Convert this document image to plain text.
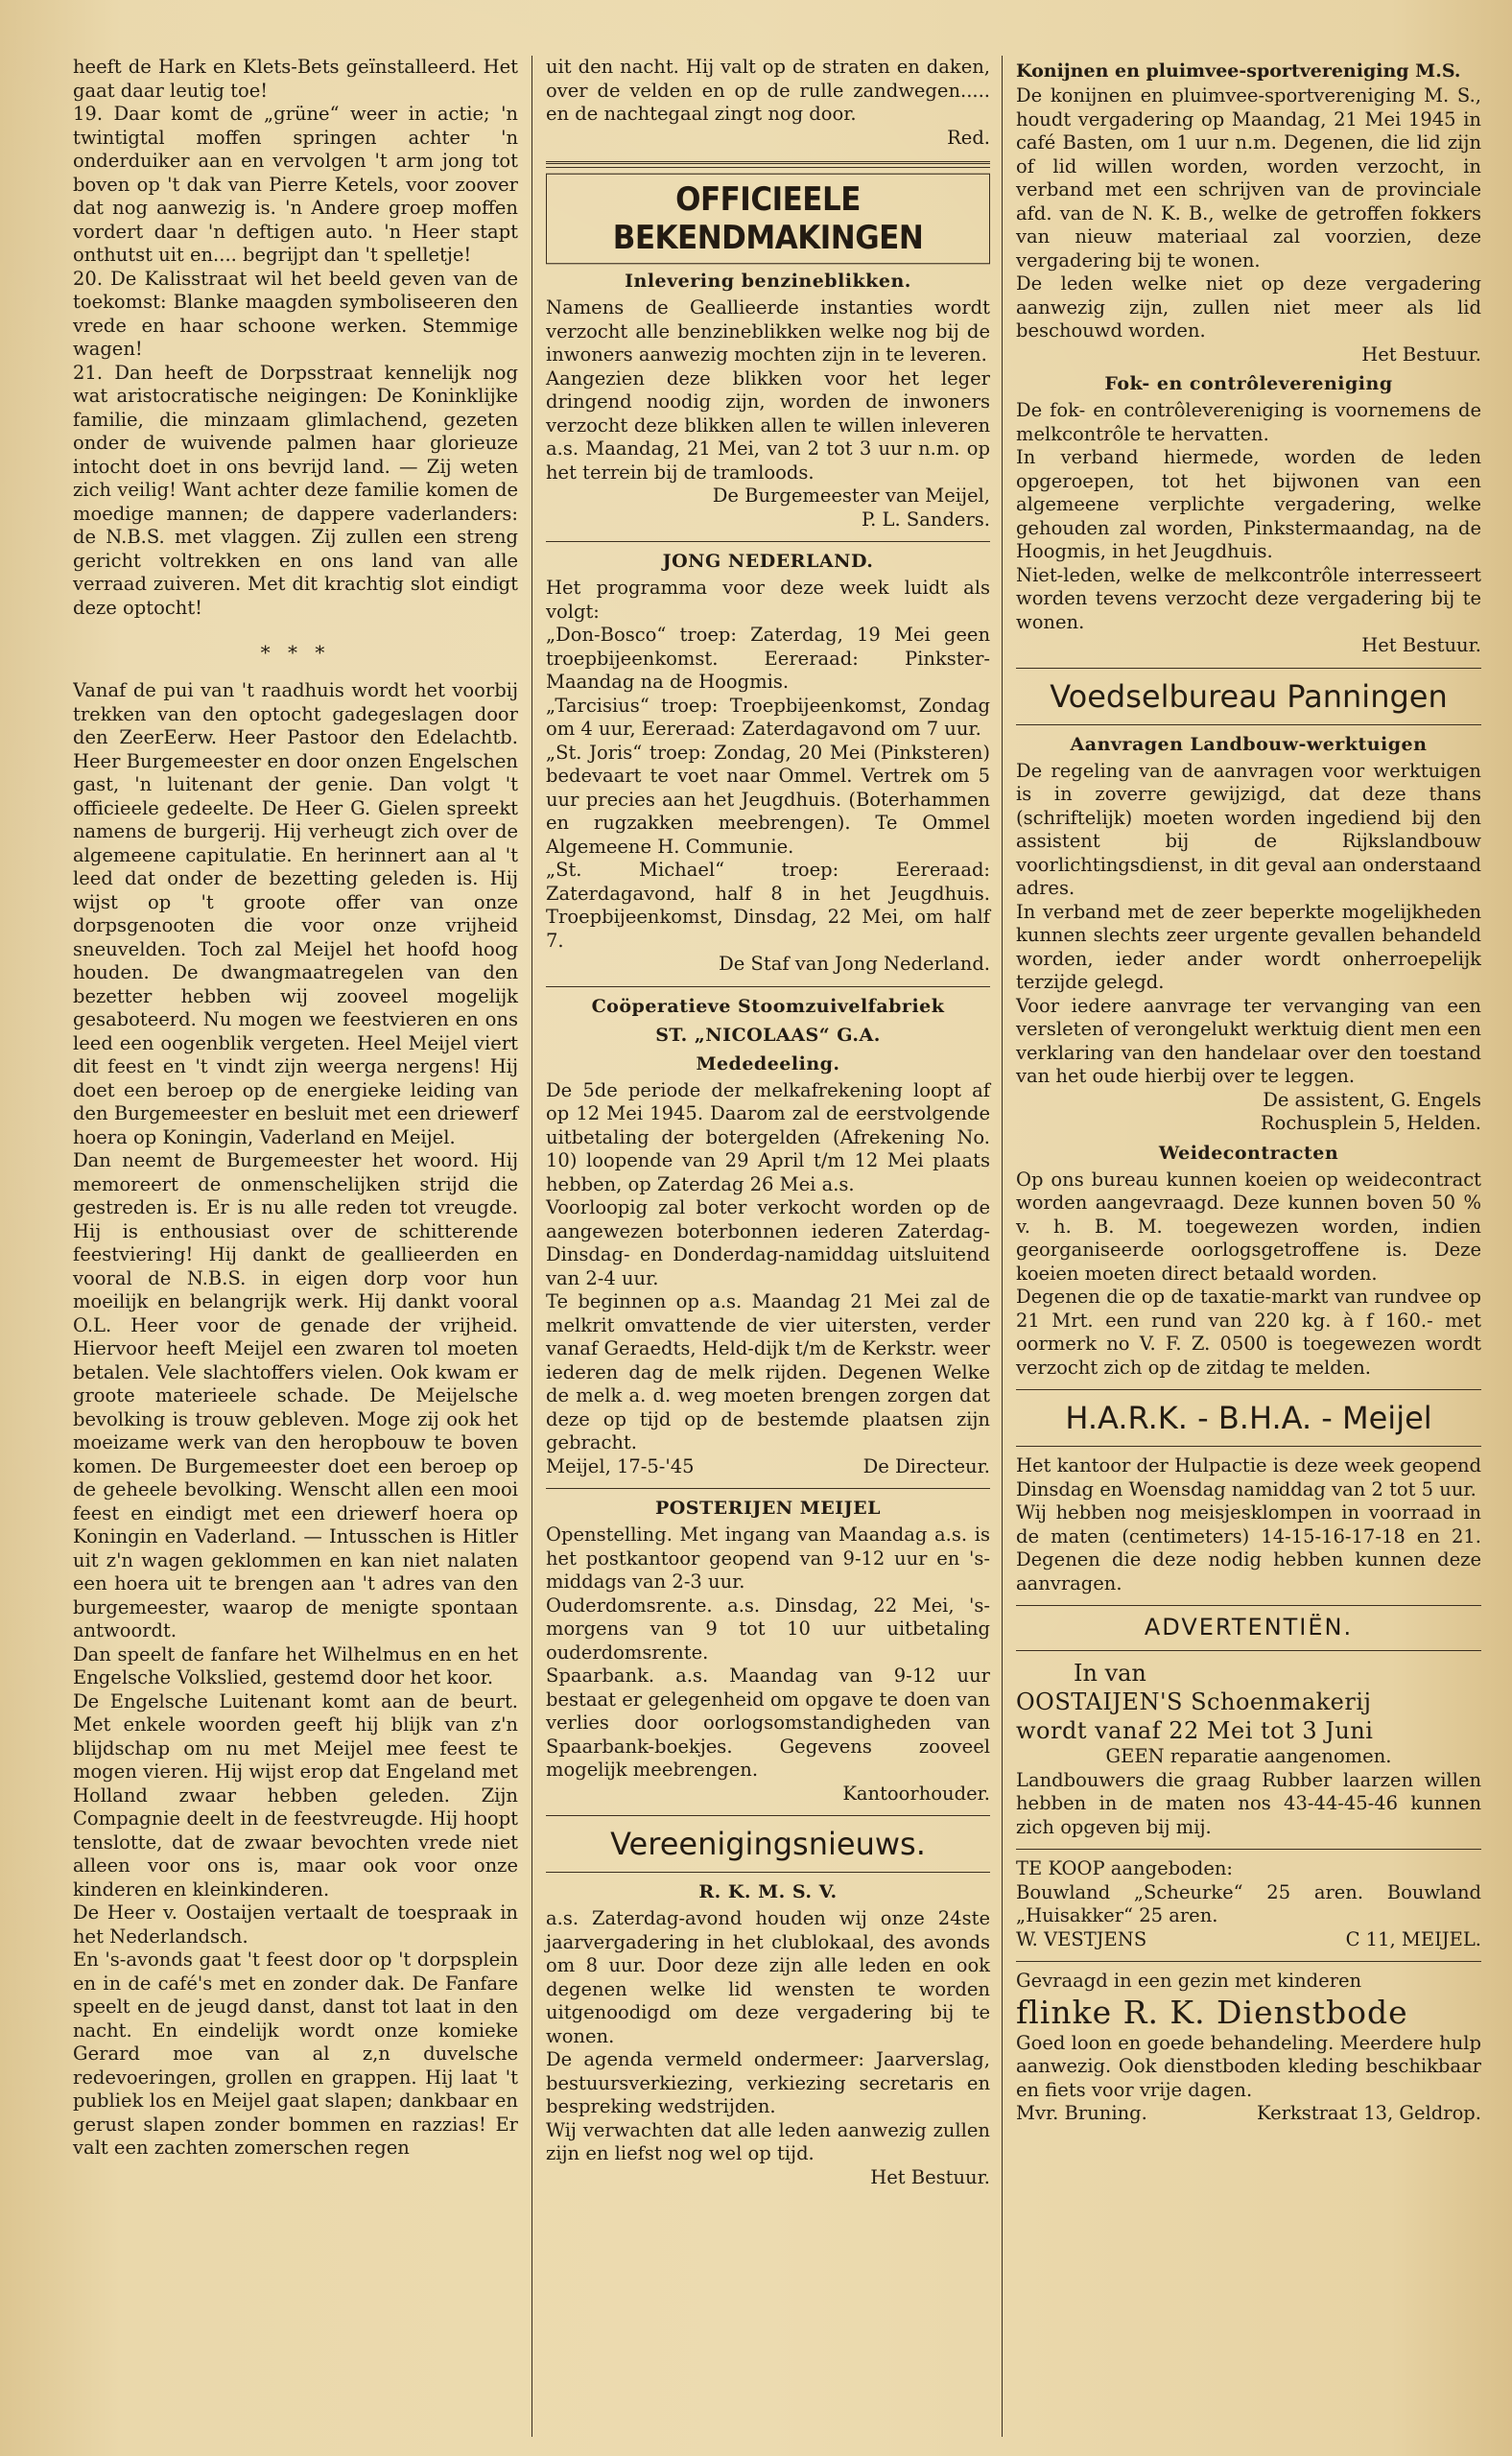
heeft de Hark en Klets-Bets geïnstalleerd. Het gaat daar leutig toe!

19. Daar komt de „grüne“ weer in actie; 'n twintigtal moffen springen achter 'n onderduiker aan en vervolgen 't arm jong tot boven op 't dak van Pierre Ketels, voor zoover dat nog aanwezig is. 'n Andere groep moffen vordert daar 'n deftigen auto. 'n Heer stapt onthutst uit en.... begrijpt dan 't spelletje!

20. De Kalisstraat wil het beeld geven van de toekomst: Blanke maagden symboliseeren den vrede en haar schoone werken. Stemmige wagen!

21. Dan heeft de Dorpsstraat kennelijk nog wat aristocratische neigingen: De Koninklijke familie, die minzaam glimlachend, gezeten onder de wuivende palmen haar glorieuze intocht doet in ons bevrijd land. — Zij weten zich veilig! Want achter deze familie komen de moedige mannen; de dappere vaderlanders: de N.B.S. met vlaggen. Zij zullen een streng gericht voltrekken en ons land van alle verraad zuiveren. Met dit krachtig slot eindigt deze optocht!

* * *

Vanaf de pui van 't raadhuis wordt het voorbij trekken van den optocht gadegeslagen door den ZeerEerw. Heer Pastoor den Edelachtb. Heer Burgemeester en door onzen Engelschen gast, 'n luitenant der genie. Dan volgt 't officieele gedeelte. De Heer G. Gielen spreekt namens de burgerij. Hij verheugt zich over de algemeene capitulatie. En herinnert aan al 't leed dat onder de bezetting geleden is. Hij wijst op 't groote offer van onze dorpsgenooten die voor onze vrijheid sneuvelden. Toch zal Meijel het hoofd hoog houden. De dwangmaatregelen van den bezetter hebben wij zooveel mogelijk gesaboteerd. Nu mogen we feestvieren en ons leed een oogenblik vergeten. Heel Meijel viert dit feest en 't vindt zijn weerga nergens! Hij doet een beroep op de energieke leiding van den Burgemeester en besluit met een driewerf hoera op Koningin, Vaderland en Meijel.

Dan neemt de Burgemeester het woord. Hij memoreert de onmenschelijken strijd die gestreden is. Er is nu alle reden tot vreugde. Hij is enthousiast over de schitterende feestviering! Hij dankt de geallieerden en vooral de N.B.S. in eigen dorp voor hun moeilijk en belangrijk werk. Hij dankt vooral O.L. Heer voor de genade der vrijheid. Hiervoor heeft Meijel een zwaren tol moeten betalen. Vele slachtoffers vielen. Ook kwam er groote materieele schade. De Meijelsche bevolking is trouw gebleven. Moge zij ook het moeizame werk van den heropbouw te boven komen. De Burgemeester doet een beroep op de geheele bevolking. Wenscht allen een mooi feest en eindigt met een driewerf hoera op Koningin en Vaderland. — Intusschen is Hitler uit z'n wagen geklommen en kan niet nalaten een hoera uit te brengen aan 't adres van den burgemeester, waarop de menigte spontaan antwoordt.

Dan speelt de fanfare het Wilhelmus en en het Engelsche Volkslied, gestemd door het koor.

De Engelsche Luitenant komt aan de beurt. Met enkele woorden geeft hij blijk van z'n blijdschap om nu met Meijel mee feest te mogen vieren. Hij wijst erop dat Engeland met Holland zwaar hebben geleden. Zijn Compagnie deelt in de feestvreugde. Hij hoopt tenslotte, dat de zwaar bevochten vrede niet alleen voor ons is, maar ook voor onze kinderen en kleinkinderen.

De Heer v. Oostaijen vertaalt de toespraak in het Nederlandsch.

En 's-avonds gaat 't feest door op 't dorpsplein en in de café's met en zonder dak. De Fanfare speelt en de jeugd danst, danst tot laat in den nacht. En eindelijk wordt onze komieke Gerard moe van al z,n duvelsche redevoeringen, grollen en grappen. Hij laat 't publiek los en Meijel gaat slapen; dankbaar en gerust slapen zonder bommen en razzias! Er valt een zachten zomerschen regen

uit den nacht. Hij valt op de straten en daken, over de velden en op de rulle zandwegen..... en de nachtegaal zingt nog door.

Red.

OFFICIEELE BEKENDMAKINGEN
Inlevering benzineblikken.

Namens de Geallieerde instanties wordt verzocht alle benzineblikken welke nog bij de inwoners aanwezig mochten zijn in te leveren.

Aangezien deze blikken voor het leger dringend noodig zijn, worden de inwoners verzocht deze blikken allen te willen inleveren a.s. Maandag, 21 Mei, van 2 tot 3 uur n.m. op het terrein bij de tramloods.

De Burgemeester van Meijel,

P. L. Sanders.

JONG NEDERLAND.

Het programma voor deze week luidt als volgt:

„Don-Bosco“ troep: Zaterdag, 19 Mei geen troepbijeenkomst. Eereraad: Pinkster-Maandag na de Hoogmis.

„Tarcisius“ troep: Troepbijeenkomst, Zondag om 4 uur, Eereraad: Zaterdagavond om 7 uur.

„St. Joris“ troep: Zondag, 20 Mei (Pinksteren) bedevaart te voet naar Ommel. Vertrek om 5 uur precies aan het Jeugdhuis. (Boterhammen en rugzakken meebrengen). Te Ommel Algemeene H. Communie.

„St. Michael“ troep: Eereraad: Zaterdagavond, half 8 in het Jeugdhuis. Troepbijeenkomst, Dinsdag, 22 Mei, om half 7.

De Staf van Jong Nederland.

Coöperatieve Stoomzuivelfabriek
ST. „NICOLAAS“ G.A.
Mededeeling.

De 5de periode der melkafrekening loopt af op 12 Mei 1945. Daarom zal de eerstvolgende uitbetaling der botergelden (Afrekening No. 10) loopende van 29 April t/m 12 Mei plaats hebben, op Zaterdag 26 Mei a.s.

Voorloopig zal boter verkocht worden op de aangewezen boterbonnen iederen Zaterdag- Dinsdag- en Donderdag-namiddag uitsluitend van 2-4 uur.

Te beginnen op a.s. Maandag 21 Mei zal de melkrit omvattende de vier uitersten, verder vanaf Geraedts, Held-dijk t/m de Kerkstr. weer iederen dag de melk rijden. Degenen Welke de melk a. d. weg moeten brengen zorgen dat deze op tijd op de bestemde plaatsen zijn gebracht.

Meijel, 17-5-'45	De Directeur.
POSTERIJEN MEIJEL

Openstelling. Met ingang van Maandag a.s. is het postkantoor geopend van 9-12 uur en 's-middags van 2-3 uur.

Ouderdomsrente. a.s. Dinsdag, 22 Mei, 's-morgens van 9 tot 10 uur uitbetaling ouderdomsrente.

Spaarbank. a.s. Maandag van 9-12 uur bestaat er gelegenheid om opgave te doen van verlies door oorlogsomstandigheden van Spaarbank-boekjes. Gegevens zooveel mogelijk meebrengen.

Kantoorhouder.

Vereenigingsnieuws.
R. K. M. S. V.

a.s. Zaterdag-avond houden wij onze 24ste jaarvergadering in het clublokaal, des avonds om 8 uur. Door deze zijn alle leden en ook degenen welke lid wensten te worden uitgenoodigd om deze vergadering bij te wonen.

De agenda vermeld ondermeer: Jaarverslag, bestuursverkiezing, verkiezing secretaris en bespreking wedstrijden.

Wij verwachten dat alle leden aanwezig zullen zijn en liefst nog wel op tijd.

Het Bestuur.

Konijnen en pluimvee-sportvereniging M.S.

De konijnen en pluimvee-sportvereniging M. S., houdt vergadering op Maandag, 21 Mei 1945 in café Basten, om 1 uur n.m. Degenen, die lid zijn of lid willen worden, worden verzocht, in verband met een schrijven van de provinciale afd. van de N. K. B., welke de getroffen fokkers van nieuw materiaal zal voorzien, deze vergadering bij te wonen.

De leden welke niet op deze vergadering aanwezig zijn, zullen niet meer als lid beschouwd worden.

Het Bestuur.

Fok- en contrôlevereniging

De fok- en contrôlevereniging is voornemens de melkcontrôle te hervatten.

In verband hiermede, worden de leden opgeroepen, tot het bijwonen van een algemeene verplichte vergadering, welke gehouden zal worden, Pinkstermaandag, na de Hoogmis, in het Jeugdhuis.

Niet-leden, welke de melkcontrôle interresseert worden tevens verzocht deze vergadering bij te wonen.

Het Bestuur.

Voedselbureau Panningen
Aanvragen Landbouw-werktuigen

De regeling van de aanvragen voor werktuigen is in zoverre gewijzigd, dat deze thans (schriftelijk) moeten worden ingediend bij den assistent bij de Rijkslandbouw voorlichtingsdienst, in dit geval aan onderstaand adres.

In verband met de zeer beperkte mogelijkheden kunnen slechts zeer urgente gevallen behandeld worden, ieder ander wordt onherroepelijk terzijde gelegd.

Voor iedere aanvrage ter vervanging van een versleten of verongelukt werktuig dient men een verklaring van den handelaar over den toestand van het oude hierbij over te leggen.

De assistent, G. Engels

Rochusplein 5, Helden.

Weidecontracten

Op ons bureau kunnen koeien op weidecontract worden aangevraagd. Deze kunnen boven 50 % v. h. B. M. toegewezen worden, indien georganiseerde oorlogsgetroffene is. Deze koeien moeten direct betaald worden.

Degenen die op de taxatie-markt van rundvee op 21 Mrt. een rund van 220 kg. à f 160.- met oormerk no V. F. Z. 0500 is toegewezen wordt verzocht zich op de zitdag te melden.

H.A.R.K. - B.H.A. - Meijel

Het kantoor der Hulpactie is deze week geopend Dinsdag en Woensdag namiddag van 2 tot 5 uur.

Wij hebben nog meisjesklompen in voorraad in de maten (centimeters) 14-15-16-17-18 en 21. Degenen die deze nodig hebben kunnen deze aanvragen.

ADVERTENTIËN.

In van

OOSTAIJEN'S Schoenmakerij

wordt vanaf 22 Mei tot 3 Juni

GEEN reparatie aangenomen.

Landbouwers die graag Rubber laarzen willen hebben in de maten nos 43-44-45-46 kunnen zich opgeven bij mij.

TE KOOP aangeboden:

Bouwland „Scheurke“ 25 aren. Bouwland „Huisakker“ 25 aren.

W. VESTJENS	C 11, MEIJEL.

Gevraagd in een gezin met kinderen

flinke R. K. Dienstbode

Goed loon en goede behandeling. Meerdere hulp aanwezig. Ook dienstboden kleding beschikbaar en fiets voor vrije dagen.

Mvr. Bruning.	Kerkstraat 13, Geldrop.
